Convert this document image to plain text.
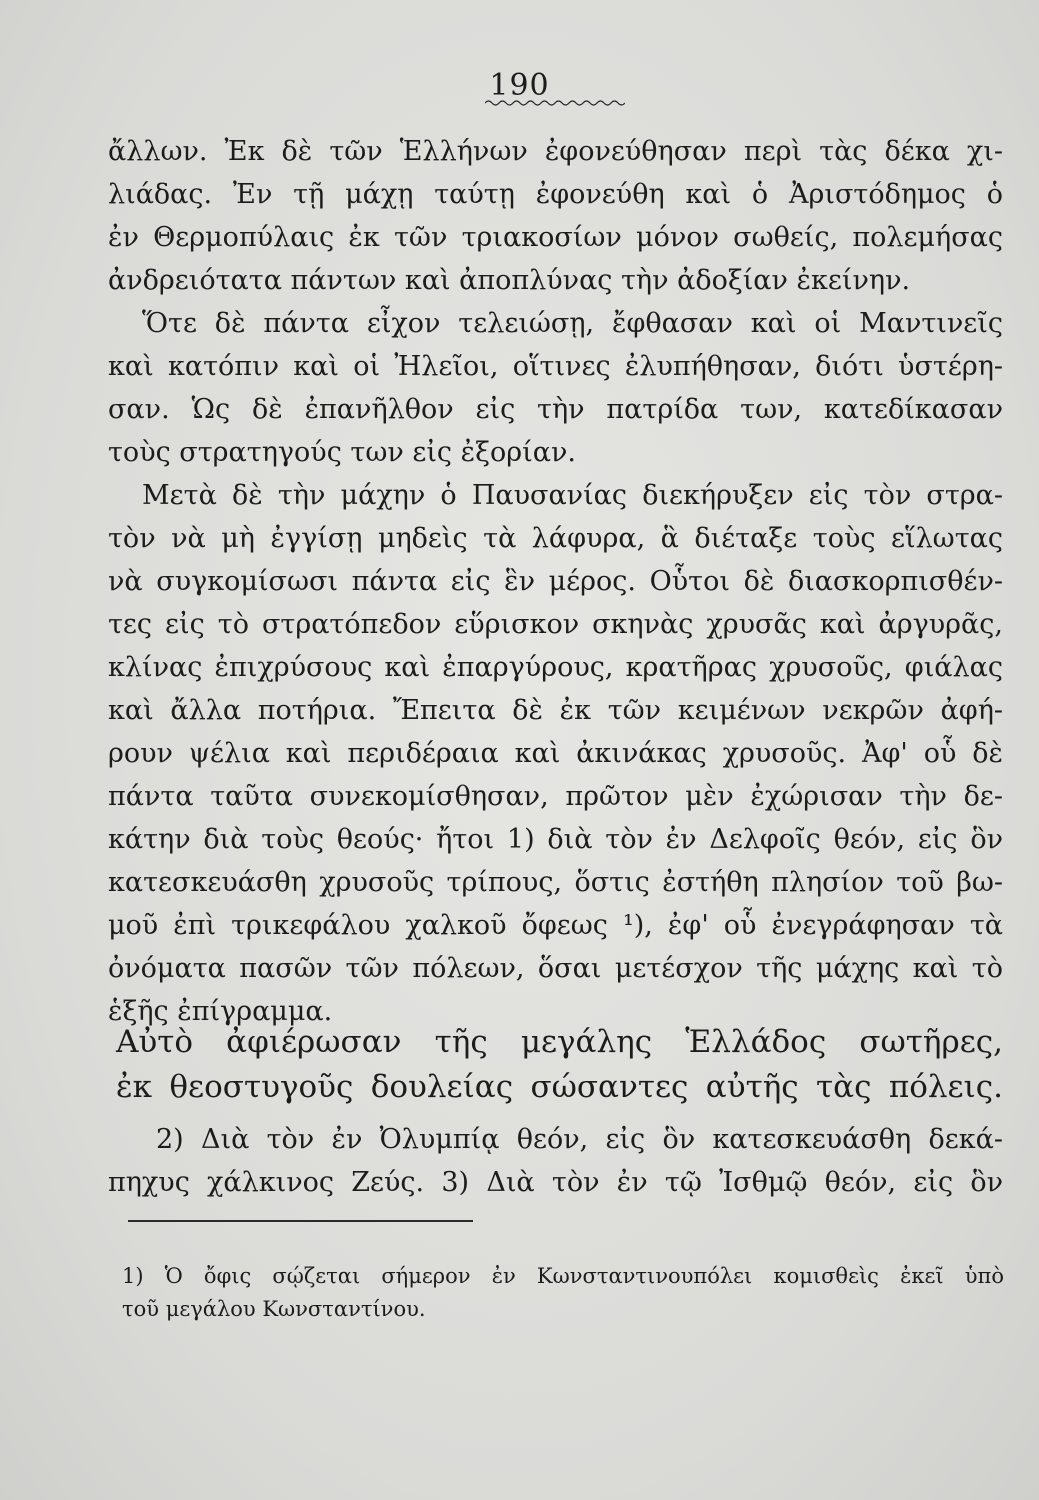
190
ἄλλων. Ἐκ δὲ τῶν Ἑλλήνων ἐφονεύθησαν περὶ τὰς δέκα χι-
λιάδας. Ἐν τῇ μάχῃ ταύτῃ ἐφονεύθη καὶ ὁ Ἀριστόδημος ὁ
ἐν Θερμοπύλαις ἐκ τῶν τριακοσίων μόνον σωθείς, πολεμήσας
ἀνδρειότατα πάντων καὶ ἀποπλύνας τὴν ἀδοξίαν ἐκείνην.
Ὅτε δὲ πάντα εἶχον τελειώσῃ, ἔφθασαν καὶ οἱ Μαντινεῖς
καὶ κατόπιν καὶ οἱ Ἠλεῖοι, οἵτινες ἐλυπήθησαν, διότι ὑστέρη-
σαν. Ὡς δὲ ἐπανῆλθον εἰς τὴν πατρίδα των, κατεδίκασαν
τοὺς στρατηγούς των εἰς ἐξορίαν.
Μετὰ δὲ τὴν μάχην ὁ Παυσανίας διεκήρυξεν εἰς τὸν στρα-
τὸν νὰ μὴ ἐγγίσῃ μηδεὶς τὰ λάφυρα, ἃ διέταξε τοὺς εἵλωτας
νὰ συγκομίσωσι πάντα εἰς ἓν μέρος. Οὗτοι δὲ διασκορπισθέν-
τες εἰς τὸ στρατόπεδον εὕρισκον σκηνὰς χρυσᾶς καὶ ἀργυρᾶς,
κλίνας ἐπιχρύσους καὶ ἐπαργύρους, κρατῆρας χρυσοῦς, φιάλας
καὶ ἄλλα ποτήρια. Ἔπειτα δὲ ἐκ τῶν κειμένων νεκρῶν ἀφή-
ρουν ψέλια καὶ περιδέραια καὶ ἀκινάκας χρυσοῦς. Ἀφ' οὗ δὲ
πάντα ταῦτα συνεκομίσθησαν, πρῶτον μὲν ἐχώρισαν τὴν δε-
κάτην διὰ τοὺς θεούς· ἤτοι 1) διὰ τὸν ἐν Δελφοῖς θεόν, εἰς ὃν
κατεσκευάσθη χρυσοῦς τρίπους, ὅστις ἐστήθη πλησίον τοῦ βω-
μοῦ ἐπὶ τρικεφάλου χαλκοῦ ὄφεως ¹), ἐφ' οὗ ἐνεγράφησαν τὰ
ὀνόματα πασῶν τῶν πόλεων, ὅσαι μετέσχον τῆς μάχης καὶ τὸ
ἑξῆς ἐπίγραμμα.
Αὐτὸ ἀφιέρωσαν τῆς μεγάλης Ἑλλάδος σωτῆρες,
ἐκ θεοστυγοῦς δουλείας σώσαντες αὐτῆς τὰς πόλεις.
2) Διὰ τὸν ἐν Ὀλυμπίᾳ θεόν, εἰς ὃν κατεσκευάσθη δεκά-
πηχυς χάλκινος Ζεύς. 3) Διὰ τὸν ἐν τῷ Ἰσθμῷ θεόν, εἰς ὃν
1) Ὁ ὄφις σῴζεται σήμερον ἐν Κωνσταντινουπόλει κομισθεὶς ἐκεῖ ὑπὸ
τοῦ μεγάλου Κωνσταντίνου.
